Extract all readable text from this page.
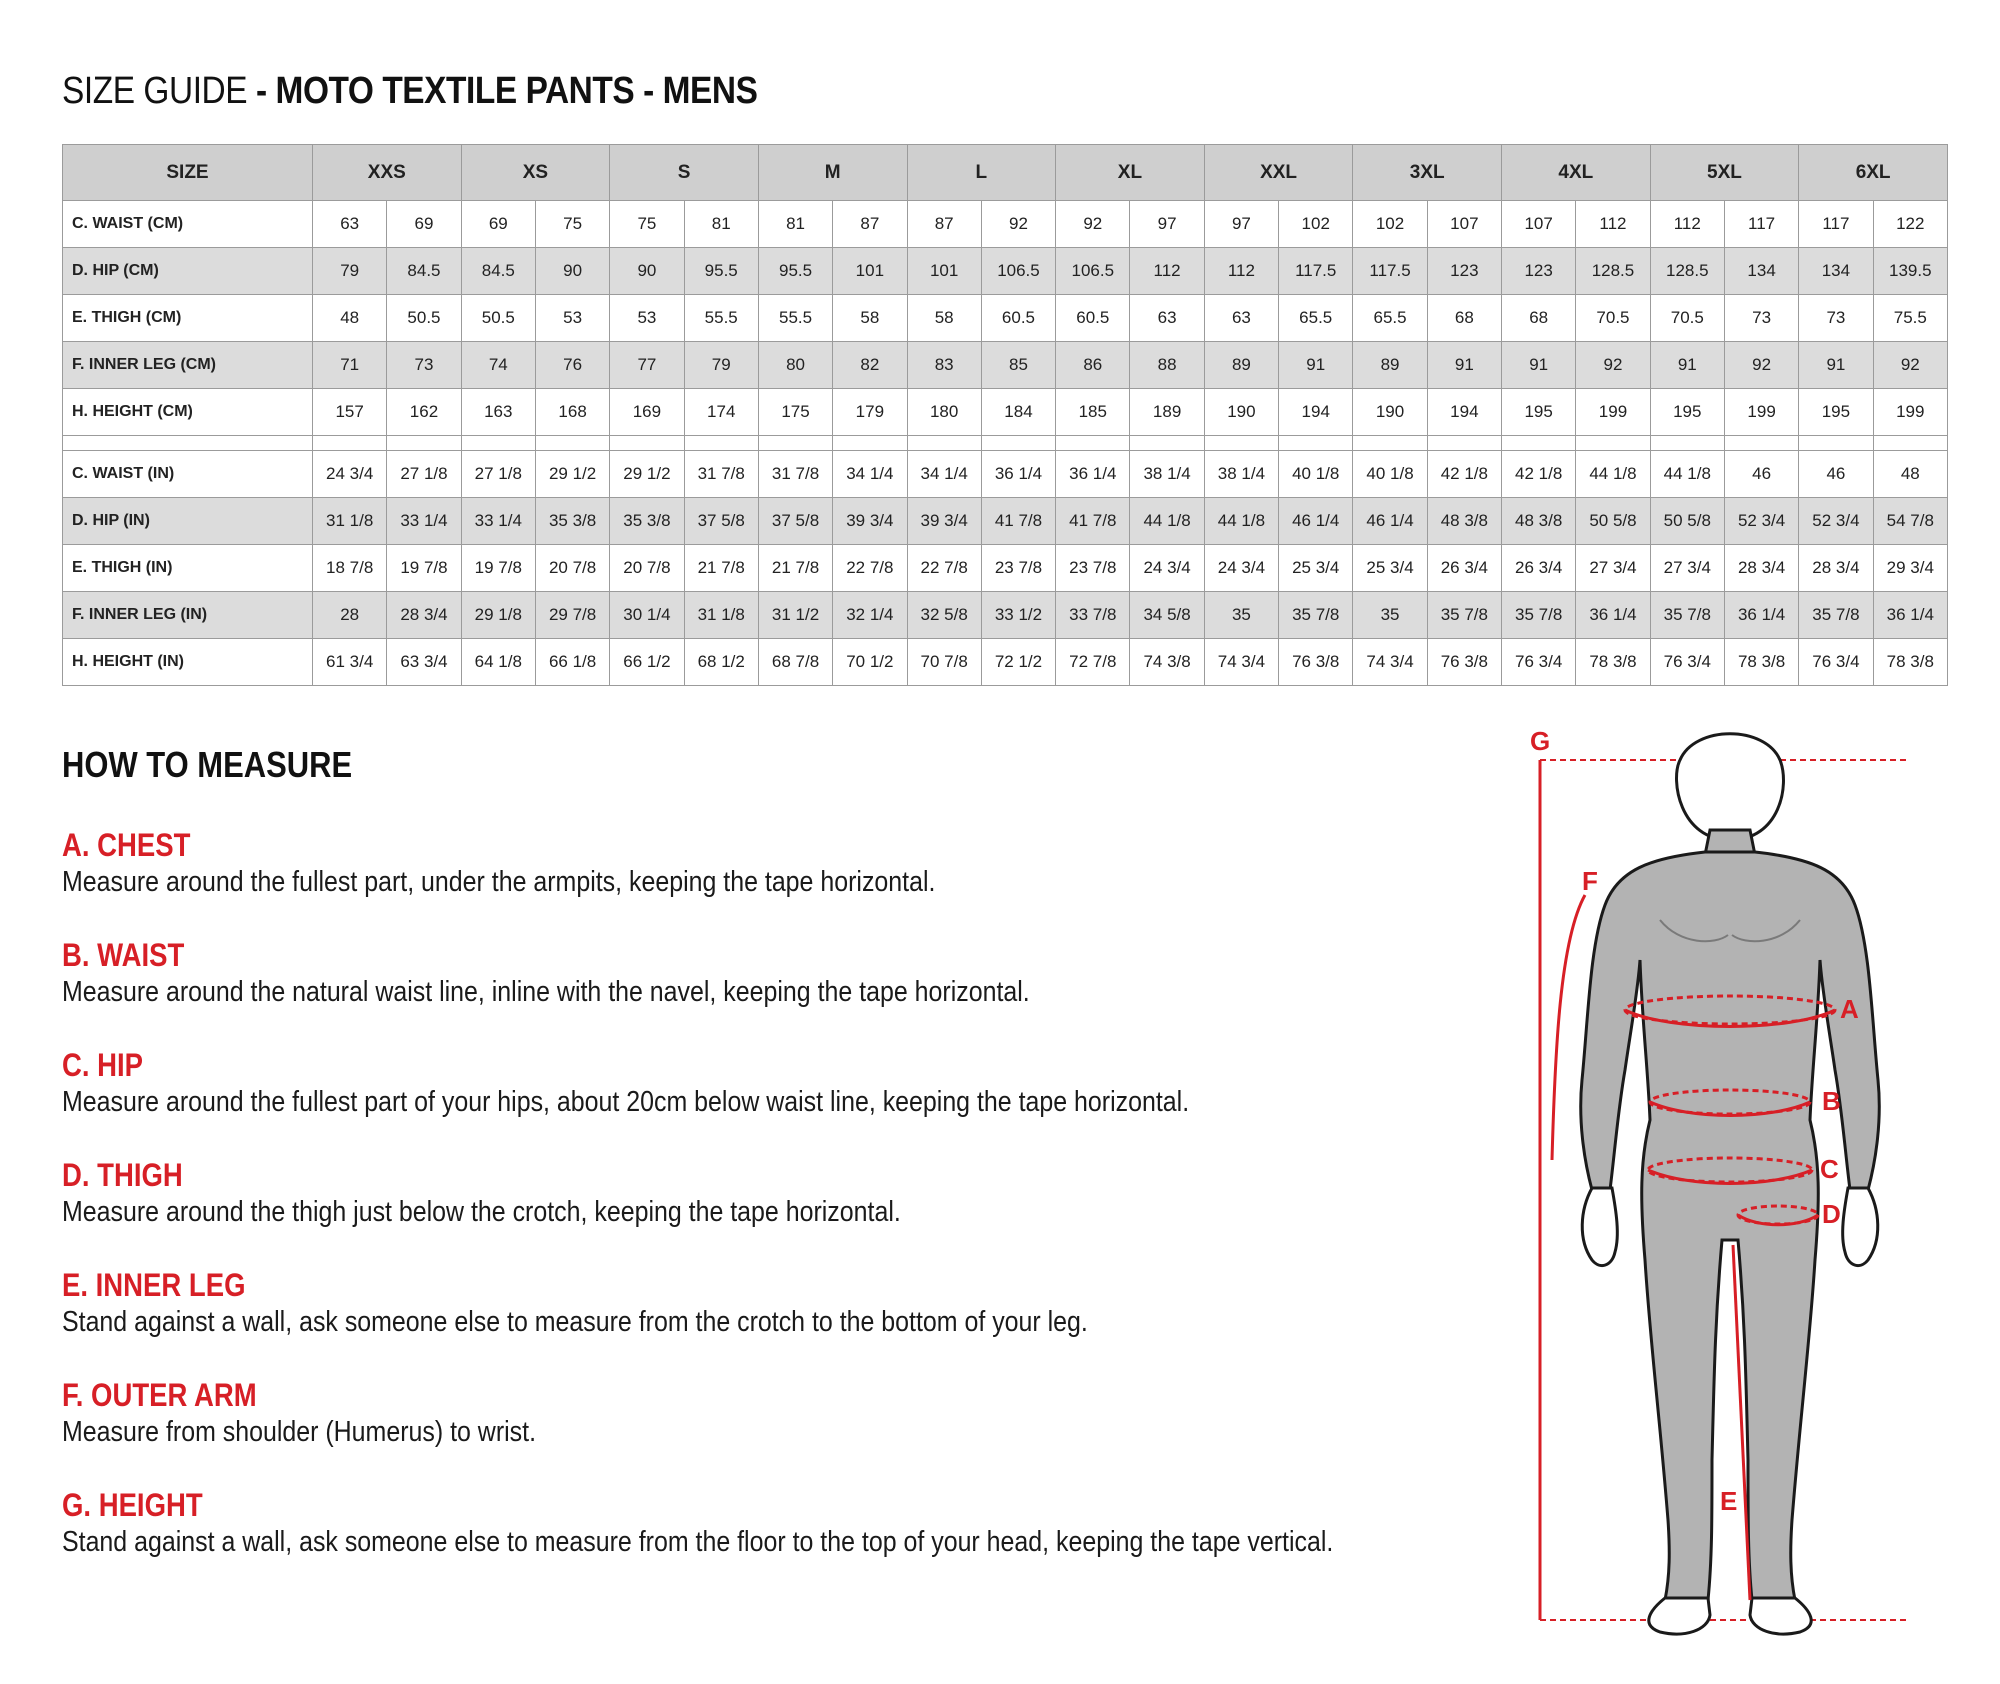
SIZE GUIDE - MOTO TEXTILE PANTS - MENS
SIZE	XXS		XS		S		M		L		XL		XXL		3XL		4XL		5XL		6XL	
C. WAIST (CM)	63	69	69	75	75	81	81	87	87	92	92	97	97	102	102	107	107	112	112	117	117	122
D. HIP (CM)	79	84.5	84.5	90	90	95.5	95.5	101	101	106.5	106.5	112	112	117.5	117.5	123	123	128.5	128.5	134	134	139.5
E. THIGH (CM)	48	50.5	50.5	53	53	55.5	55.5	58	58	60.5	60.5	63	63	65.5	65.5	68	68	70.5	70.5	73	73	75.5
F. INNER LEG (CM)	71	73	74	76	77	79	80	82	83	85	86	88	89	91	89	91	91	92	91	92	91	92
H. HEIGHT (CM)	157	162	163	168	169	174	175	179	180	184	185	189	190	194	190	194	195	199	195	199	195	199

C. WAIST (IN)	24 3/4	27 1/8	27 1/8	29 1/2	29 1/2	31 7/8	31 7/8	34 1/4	34 1/4	36 1/4	36 1/4	38 1/4	38 1/4	40 1/8	40 1/8	42 1/8	42 1/8	44 1/8	44 1/8	46	46	48
D. HIP (IN)	31 1/8	33 1/4	33 1/4	35 3/8	35 3/8	37 5/8	37 5/8	39 3/4	39 3/4	41 7/8	41 7/8	44 1/8	44 1/8	46 1/4	46 1/4	48 3/8	48 3/8	50 5/8	50 5/8	52 3/4	52 3/4	54 7/8
E. THIGH (IN)	18 7/8	19 7/8	19 7/8	20 7/8	20 7/8	21 7/8	21 7/8	22 7/8	22 7/8	23 7/8	23 7/8	24 3/4	24 3/4	25 3/4	25 3/4	26 3/4	26 3/4	27 3/4	27 3/4	28 3/4	28 3/4	29 3/4
F. INNER LEG (IN)	28	28 3/4	29 1/8	29 7/8	30 1/4	31 1/8	31 1/2	32 1/4	32 5/8	33 1/2	33 7/8	34 5/8	35	35 7/8	35	35 7/8	35 7/8	36 1/4	35 7/8	36 1/4	35 7/8	36 1/4
H. HEIGHT (IN)	61 3/4	63 3/4	64 1/8	66 1/8	66 1/2	68 1/2	68 7/8	70 1/2	70 7/8	72 1/2	72 7/8	74 3/8	74 3/4	76 3/8	74 3/4	76 3/8	76 3/4	78 3/8	76 3/4	78 3/8	76 3/4	78 3/8
HOW TO MEASURE

A. CHEST

Measure around the fullest part, under the armpits, keeping the tape horizontal.

B. WAIST

Measure around the natural waist line, inline with the navel, keeping the tape horizontal.

C. HIP

Measure around the fullest part of your hips, about 20cm below waist line, keeping the tape horizontal.

D. THIGH

Measure around the thigh just below the crotch, keeping the tape horizontal.

E. INNER LEG

Stand against a wall, ask someone else to measure from the crotch to the bottom of your leg.

F. OUTER ARM

Measure from shoulder (Humerus) to wrist.

G. HEIGHT

Stand against a wall, ask someone else to measure from the floor to the top of your head, keeping the tape vertical.

G
F
A
B
C
D
E
